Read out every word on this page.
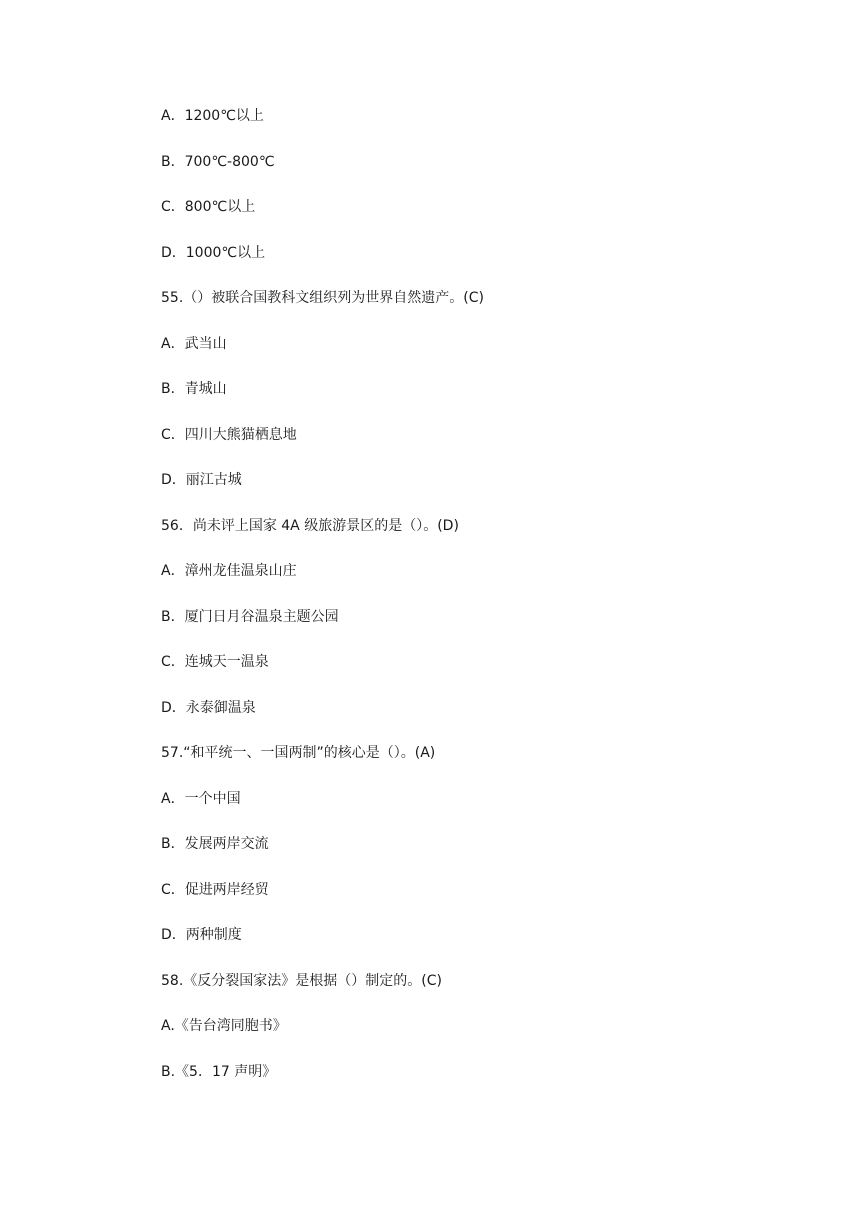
A．1200℃以上
B．700℃-800℃
C．800℃以上
D．1000℃以上
55.（）被联合国教科文组织列为世界自然遗产。(C)
A．武当山
B．青城山
C．四川大熊猫栖息地
D．丽江古城
56．尚未评上国家 4A 级旅游景区的是（）。(D)
A．漳州龙佳温泉山庄
B．厦门日月谷温泉主题公园
C．连城天一温泉
D．永泰御温泉
57.“和平统一、一国两制”的核心是（）。(A)
A．一个中国
B．发展两岸交流
C．促进两岸经贸
D．两种制度
58.《反分裂国家法》是根据（）制定的。(C)
A.《告台湾同胞书》
B.《5．17 声明》
